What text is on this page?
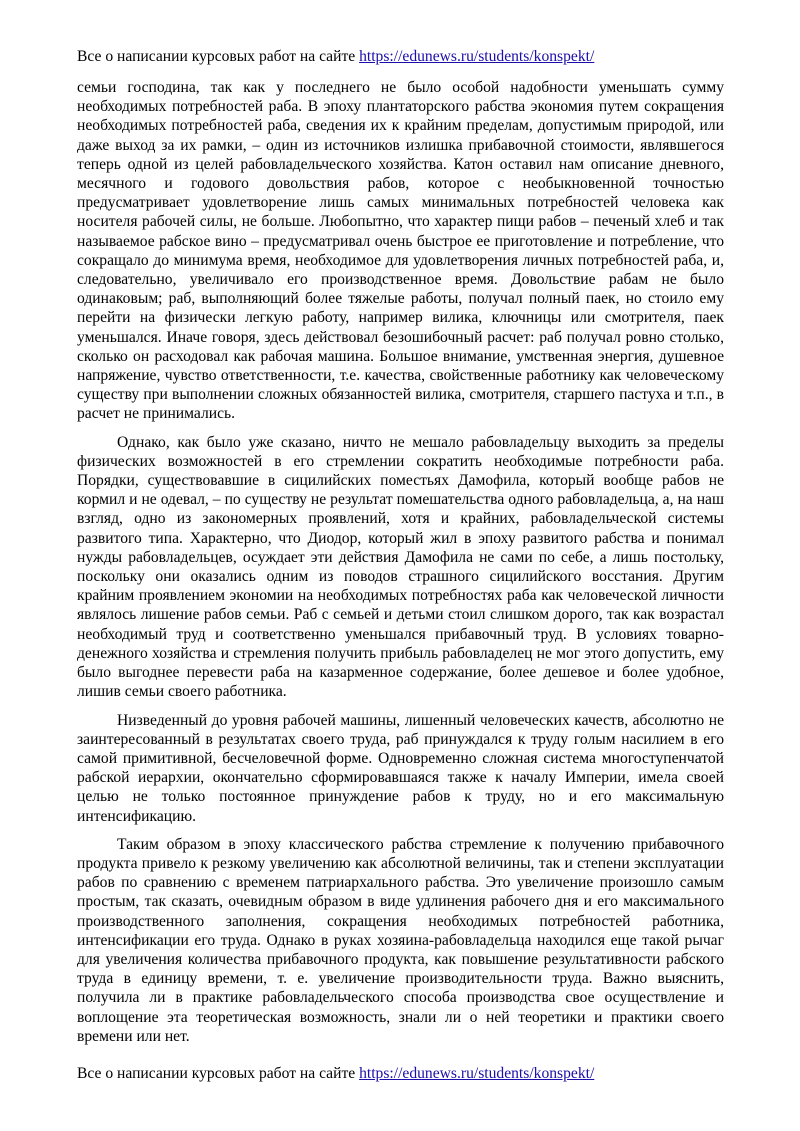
Все о написании курсовых работ на сайте https://edunews.ru/students/konspekt/

семьи господина, так как у последнего не было особой надобности уменьшать сумму необходимых потребностей раба. В эпоху плантаторского рабства экономия путем сокращения необходимых потребностей раба, сведения их к крайним пределам, допустимым природой, или даже выход за их рамки, – один из источников излишка прибавочной стоимости, являвшегося теперь одной из целей рабовладельческого хозяйства. Катон оставил нам описание дневного, месячного и годового довольствия рабов, которое с необыкновенной точностью предусматривает удовлетворение лишь самых минимальных потребностей человека как носителя рабочей силы, не больше. Любопытно, что характер пищи рабов – печеный хлеб и так называемое рабское вино – предусматривал очень быстрое ее приготовление и потребление, что сокращало до минимума время, необходимое для удовлетворения личных потребностей раба, и, следовательно, увеличивало его производственное время. Довольствие рабам не было одинаковым; раб, выполняющий более тяжелые работы, получал полный паек, но стоило ему перейти на физически легкую работу, например вилика, ключницы или смотрителя, паек уменьшался. Иначе говоря, здесь действовал безошибочный расчет: раб получал ровно столько, сколько он расходовал как рабочая машина. Большое внимание, умственная энергия, душевное напряжение, чувство ответственности, т.е. качества, свойственные работнику как человеческому существу при выполнении сложных обязанностей вилика, смотрителя, старшего пастуха и т.п., в расчет не принимались.

Однако, как было уже сказано, ничто не мешало рабовладельцу выходить за пределы физических возможностей в его стремлении сократить необходимые потребности раба. Порядки, существовавшие в сицилийских поместьях Дамофила, который вообще рабов не кормил и не одевал, – по существу не результат помешательства одного рабовладельца, а, на наш взгляд, одно из закономерных проявлений, хотя и крайних, рабовладельческой системы развитого типа. Характерно, что Диодор, который жил в эпоху развитого рабства и понимал нужды рабовладельцев, осуждает эти действия Дамофила не сами по себе, а лишь постольку, поскольку они оказались одним из поводов страшного сицилийского восстания. Другим крайним проявлением экономии на необходимых потребностях раба как человеческой личности являлось лишение рабов семьи. Раб с семьей и детьми стоил слишком дорого, так как возрастал необходимый труд и соответственно уменьшался прибавочный труд. В условиях товарно-денежного хозяйства и стремления получить прибыль рабовладелец не мог этого допустить, ему было выгоднее перевести раба на казарменное содержание, более дешевое и более удобное, лишив семьи своего работника.

Низведенный до уровня рабочей машины, лишенный человеческих качеств, абсолютно не заинтересованный в результатах своего труда, раб принуждался к труду голым насилием в его самой примитивной, бесчеловечной форме. Одновременно сложная система многоступенчатой рабской иерархии, окончательно сформировавшаяся также к началу Империи, имела своей целью не только постоянное принуждение рабов к труду, но и его максимальную интенсификацию.

Таким образом в эпоху классического рабства стремление к получению прибавочного продукта привело к резкому увеличению как абсолютной величины, так и степени эксплуатации рабов по сравнению с временем патриархального рабства. Это увеличение произошло самым простым, так сказать, очевидным образом в виде удлинения рабочего дня и его максимального производственного заполнения, сокращения необходимых потребностей работника, интенсификации его труда. Однако в руках хозяина-рабовладельца находился еще такой рычаг для увеличения количества прибавочного продукта, как повышение результативности рабского труда в единицу времени, т. е. увеличение производительности труда. Важно выяснить, получила ли в практике рабовладельческого способа производства свое осуществление и воплощение эта теоретическая возможность, знали ли о ней теоретики и практики своего времени или нет.

Все о написании курсовых работ на сайте https://edunews.ru/students/konspekt/
